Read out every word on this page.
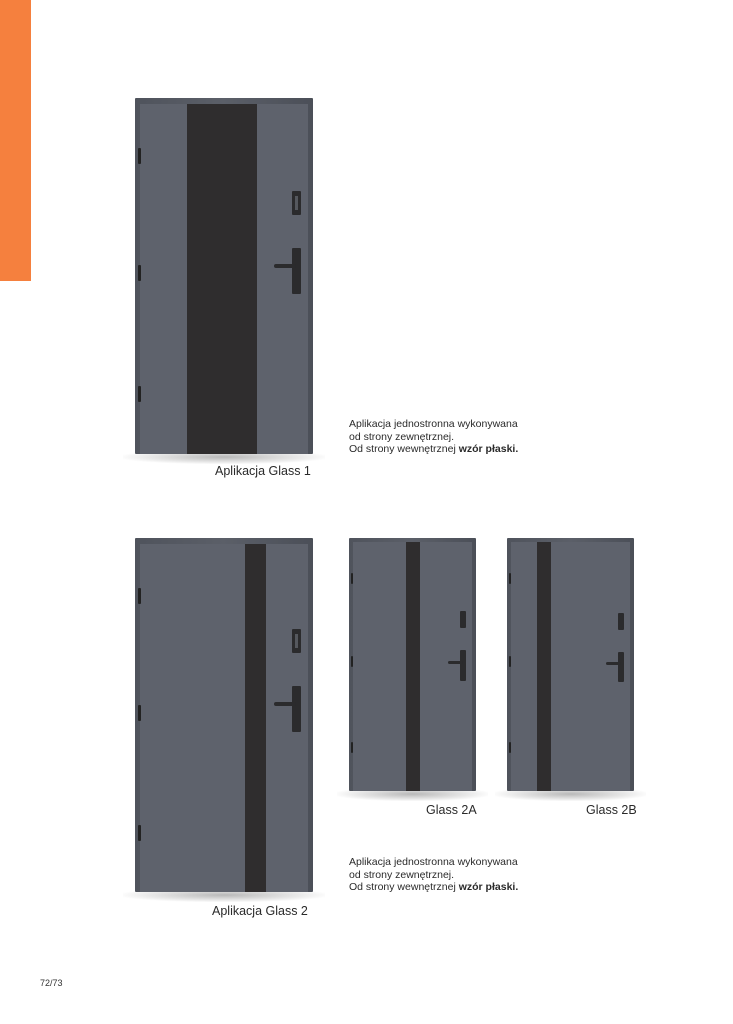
Aplikacja Glass 1
Aplikacja jednostronna wykonywana
od strony zewnętrznej.
Od strony wewnętrznej wzór płaski.
Aplikacja Glass 2
Glass 2A	Glass 2B
Aplikacja jednostronna wykonywana
od strony zewnętrznej.
Od strony wewnętrznej wzór płaski.
72/73
